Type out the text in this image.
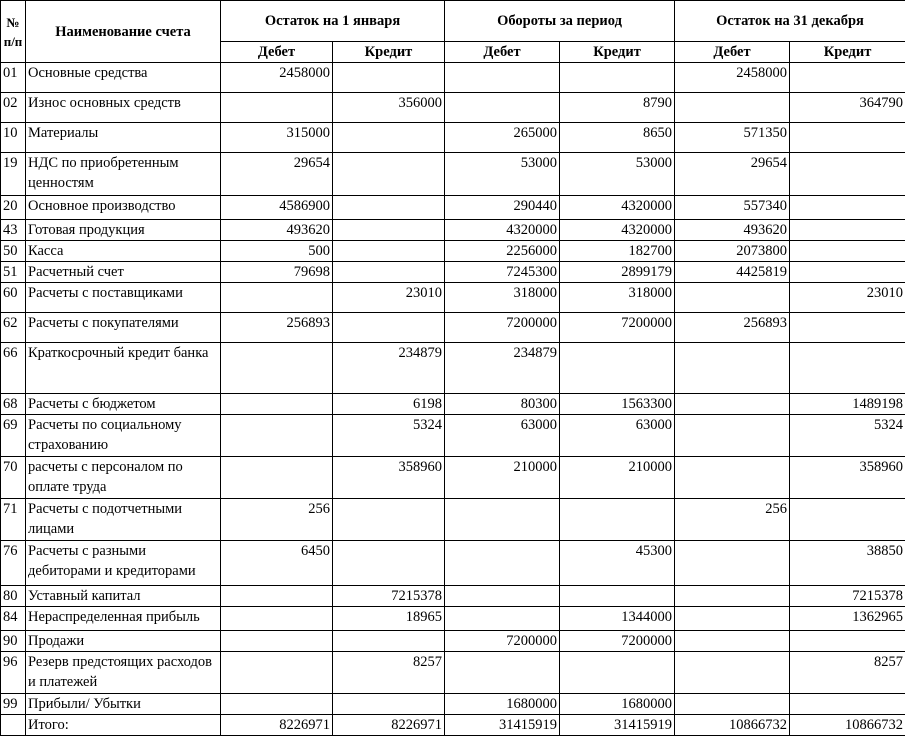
№ п/п	Наименование счета	Остаток на 1 января		Обороты за период		Остаток на 31 декабря	
		Дебет	Кредит	Дебет	Кредит	Дебет	Кредит
01	Основные средства	2458000				2458000	
02	Износ основных средств		356000		8790		364790
10	Материалы	315000		265000	8650	571350	
19	НДС по приобретенным ценностям	29654		53000	53000	29654	
20	Основное производство	4586900		290440	4320000	557340	
43	Готовая продукция	493620		4320000	4320000	493620	
50	Касса	500		2256000	182700	2073800	
51	Расчетный счет	79698		7245300	2899179	4425819	
60	Расчеты с поставщиками		23010	318000	318000		23010
62	Расчеты с покупателями	256893		7200000	7200000	256893	
66	Краткосрочный кредит банка		234879	234879			
68	Расчеты с бюджетом		6198	80300	1563300		1489198
69	Расчеты по социальному страхованию		5324	63000	63000		5324
70	расчеты с персоналом по оплате труда		358960	210000	210000		358960
71	Расчеты с подотчетными лицами	256				256	
76	Расчеты с разными дебиторами и кредиторами	6450			45300		38850
80	Уставный капитал		7215378				7215378
84	Нераспределенная прибыль		18965		1344000		1362965
90	Продажи			7200000	7200000		
96	Резерв предстоящих расходов и платежей		8257				8257
99	Прибыли/ Убытки			1680000	1680000		
	Итого:	8226971	8226971	31415919	31415919	10866732	10866732
